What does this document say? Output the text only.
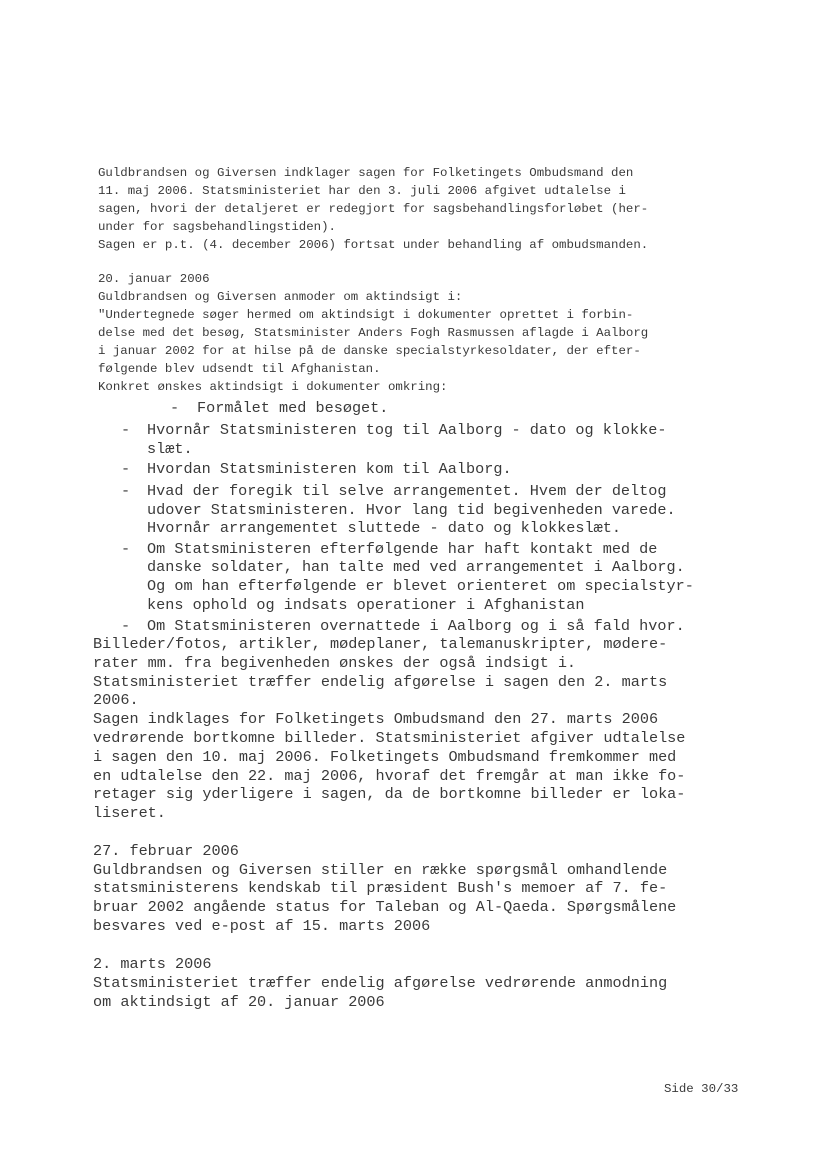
Guldbrandsen og Giversen indklager sagen for Folketingets Ombudsmand den
11. maj 2006. Statsministeriet har den 3. juli 2006 afgivet udtalelse i
sagen, hvori der detaljeret er redegjort for sagsbehandlingsforløbet (her-
under for sagsbehandlingstiden).
Sagen er p.t. (4. december 2006) fortsat under behandling af ombudsmanden.
20. januar 2006
Guldbrandsen og Giversen anmoder om aktindsigt i:
"Undertegnede søger hermed om aktindsigt i dokumenter oprettet i forbin-
delse med det besøg, Statsminister Anders Fogh Rasmussen aflagde i Aalborg
i januar 2002 for at hilse på de danske specialstyrkesoldater, der efter-
følgende blev udsendt til Afghanistan.
Konkret ønskes aktindsigt i dokumenter omkring:
- Formålet med besøget.
- Hvornår Statsministeren tog til Aalborg - dato og klokke-
slæt.
- Hvordan Statsministeren kom til Aalborg.
- Hvad der foregik til selve arrangementet. Hvem der deltog
udover Statsministeren. Hvor lang tid begivenheden varede.
Hvornår arrangementet sluttede - dato og klokkeslæt.
- Om Statsministeren efterfølgende har haft kontakt med de
danske soldater, han talte med ved arrangementet i Aalborg.
Og om han efterfølgende er blevet orienteret om specialstyr-
kens ophold og indsats operationer i Afghanistan
- Om Statsministeren overnattede i Aalborg og i så fald hvor.
Billeder/fotos, artikler, mødeplaner, talemanuskripter, mødere-
rater mm. fra begivenheden ønskes der også indsigt i.
Statsministeriet træffer endelig afgørelse i sagen den 2. marts
2006.
Sagen indklages for Folketingets Ombudsmand den 27. marts 2006
vedrørende bortkomne billeder. Statsministeriet afgiver udtalelse
i sagen den 10. maj 2006. Folketingets Ombudsmand fremkommer med
en udtalelse den 22. maj 2006, hvoraf det fremgår at man ikke fo-
retager sig yderligere i sagen, da de bortkomne billeder er loka-
liseret.
27. februar 2006
Guldbrandsen og Giversen stiller en række spørgsmål omhandlende
statsministerens kendskab til præsident Bush's memoer af 7. fe-
bruar 2002 angående status for Taleban og Al-Qaeda. Spørgsmålene
besvares ved e-post af 15. marts 2006
2. marts 2006
Statsministeriet træffer endelig afgørelse vedrørende anmodning
om aktindsigt af 20. januar 2006
Side 30/33
